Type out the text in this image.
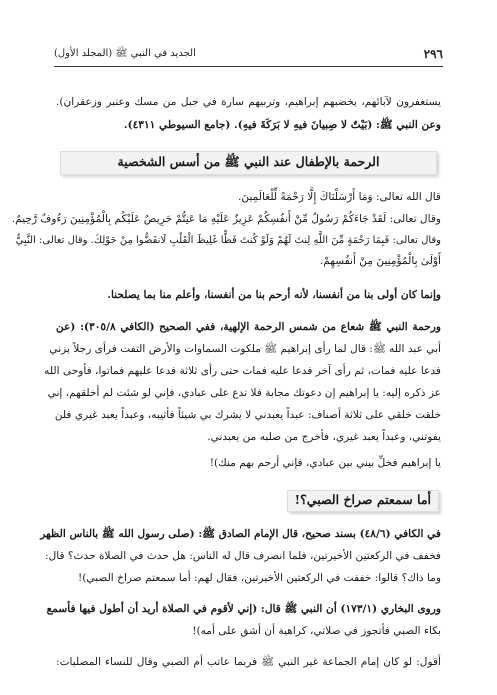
٢٩٦
الجديد في النبي ﷺ (المجلد الأول)
يستغفرون لآبائهم، يخضبهم إبراهيم، وتربيهم سارة في جبل من مسك وعنبر وزعفران).
وعن النبي ﷺ: (بَيْتٌ لا صِبيانَ فيهِ لا بَرَكَةَ فيهِ). (جامع السيوطي ٤٣١١).
الرحمة بالإطفال عند النبي ﷺ من أسس الشخصية
قال الله تعالى: وَمَا أَرْسَلْنَاكَ إِلَّا رَحْمَةً لِّلْعَالَمِينَ.
وقال تعالى: لَقَدْ جَاءَكُمْ رَسُولٌ مِّنْ أَنفُسِكُمْ عَزِيزٌ عَلَيْهِ مَا عَنِتُّمْ حَرِيصٌ عَلَيْكُم بِالْمُؤْمِنِينَ رَءُوفٌ رَّحِيمٌ.
وقال تعالى: فَبِمَا رَحْمَةٍ مِّنَ اللَّهِ لِنتَ لَهُمْ وَلَوْ كُنتَ فَظًّا غَلِيظَ الْقَلْبِ لَانفَضُّوا مِنْ حَوْلِكَ. وقال تعالى: النَّبِيُّ
أَوْلَىٰ بِالْمُؤْمِنِينَ مِنْ أَنفُسِهِمْ.
وإنما كان أولى بنا من أنفسنا، لأنه أرحم بنا من أنفسنا، وأعلم منا بما يصلحنا.
ورحمة النبي ﷺ شعاع من شمس الرحمة الإلهية، ففي الصحيح (الكافي ٣٠٥/٨): (عن
أبي عبد الله ﷺ: قال لما رأى إبراهيم ﷺ ملكوت السماوات والأرض التفت فرأى رجلاً يزني
فدعا عليه فمات، ثم رأى آخر فدعا عليه فمات حتى رأى ثلاثة فدعا عليهم فماتوا، فأوحى الله
عز ذكره إليه: يا إبراهيم إن دعوتك مجابة فلا تدع على عبادي، فإني لو شئت لم أخلقهم، إني
خلقت خلقي على ثلاثة أصناف: عبداً يعبدني لا يشرك بي شيئاً فأثيبه، وعبداً يعبد غيري فلن
يفوتني، وعبداً يعبد غيري، فأخرج من صلبه من يعبدني.
يا إبراهيم فخلِّ بيني بين عبادي، فإني أرحم بهم منك)!
أما سمعتم صراخ الصبي؟!
في الكافي (٤٨/٦) بسند صحيح، قال الإمام الصادق ﷺ: (صلى رسول الله ﷺ بالناس الظهر
فخفف في الركعتين الأخيرتين، فلما انصرف قال له الناس: هل حدث في الصلاة حدث؟ قال:
وما ذاك؟ قالوا: خففت في الركعتين الأخيرتين، فقال لهم: أما سمعتم صراخ الصبي)!
وروى البخاري (١٧٣/١) أن النبي ﷺ قال: (إني لأقوم في الصلاة أريد أن أطول فيها فأسمع
بكاء الصبي فأتجوز في صلاتي، كراهية أن أشق على أمه)!
أقول: لو كان إمام الجماعة غير النبي ﷺ فربما عاتب أم الصبي وقال للنساء المصليات:
